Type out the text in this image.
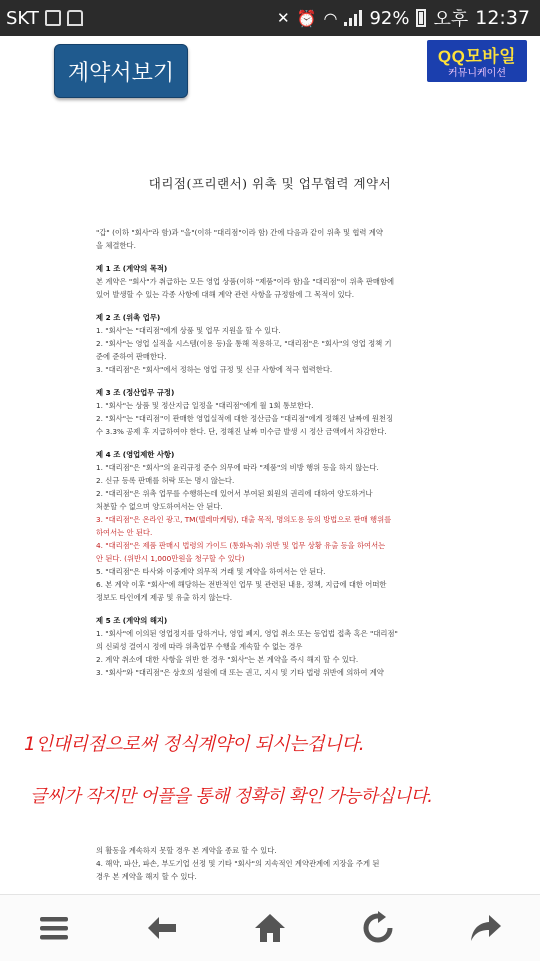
SKT	✕ ⏰ ◠ 92% 오후 12:37
계약서보기
QQ모바일
커뮤니케이션
대리점(프리랜서) 위촉 및 업무협력 계약서

"갑" (이하 "회사"라 함)과 "을"(이하 "대리점"이라 함) 간에 다음과 같이 위촉 및 협력 계약

을 체결한다.

제 1 조 (계약의 목적)

본 계약은 "회사"가 취급하는 모든 영업 상품(이하 "제품"이라 함)을 "대리점"이 위촉 판매함에

있어 발생할 수 있는 각종 사항에 대해 계약 관련 사항을 규정함에 그 목적이 있다.

제 2 조 (위촉 업무)

1. "회사"는 "대리점"에게 상품 및 업무 지원을 할 수 있다.

2. "회사"는 영업 실적을 시스템(이용 등)을 통해 적용하고, "대리점"은 "회사"의 영업 정책 기

준에 준하여 판매한다.

3. "대리점"은 "회사"에서 정하는 영업 규정 및 신규 사항에 적극 협력한다.

제 3 조 (정산업무 규정)

1. "회사"는 상품 및 정산지급 일정을 "대리점"에게 월 1회 통보한다.

2. "회사"는 "대리점"이 판매한 영업실적에 대한 정산금을 "대리점"에게 정해진 날짜에 원천징

수 3.3% 공제 후 지급하여야 한다. 단, 정해진 날짜 미수금 발생 시 정산 금액에서 차감한다.

제 4 조 (영업제한 사항)

1. "대리점"은 "회사"의 윤리규정 준수 의무에 따라 "제품"의 비방 행위 등을 하지 않는다.

2. 신규 등록 판매를 허락 또는 명시 않는다.

2. "대리점"은 위촉 업무를 수행하는데 있어서 부여된 회원의 권리에 대하여 양도하거나

처분할 수 없으며 양도하여서는 안 된다.

3. "대리점"은 온라인 광고, TM(텔레마케팅), 대출 목적, 명의도용 등의 방법으로 판매 행위를

하여서는 안 된다.

4. "대리점"은 제품 판매시 법령의 가이드 (통화녹취) 위반 및 업무 상황 유출 등을 하여서는

안 된다. (위반시 1,000만원을 청구할 수 있다)

5. "대리점"은 타사와 이중계약 의무적 거래 및 계약을 하여서는 안 된다.

6. 본 계약 이후 "회사"에 해당하는 전반적인 업무 및 관련된 내용, 정책, 지급에 대한 어떠한

정보도 타인에게 제공 및 유출 하지 않는다.

제 5 조 (계약의 해지)

1. "회사"에 이의된 영업정지를 당하거나, 영업 폐지, 영업 취소 또는 등업법 접촉 혹은 "대리점"

의 신뢰성 결여시 정에 따라 위촉업무 수행을 계속할 수 없는 경우

2. 계약 취소에 대한 사항을 위반 한 경우 "회사"는 본 계약을 즉시 해지 할 수 있다.

3. "회사"와 "대리점"은 상호의 성원에 대 또는 권고, 지시 및 기타 법령 위반에 의하여 계약

1인대리점으로써 정식계약이 되시는겁니다.
글씨가 작지만 어플을 통해 정확히 확인 가능하십니다.

의 활동을 계속하지 못할 경우 본 계약을 종료 할 수 있다.

4. 해약, 파산, 파손, 부도기업 선정 및 기타 "회사"의 지속적인 계약관계에 지장을 주게 된

경우 본 계약을 해지 할 수 있다.
